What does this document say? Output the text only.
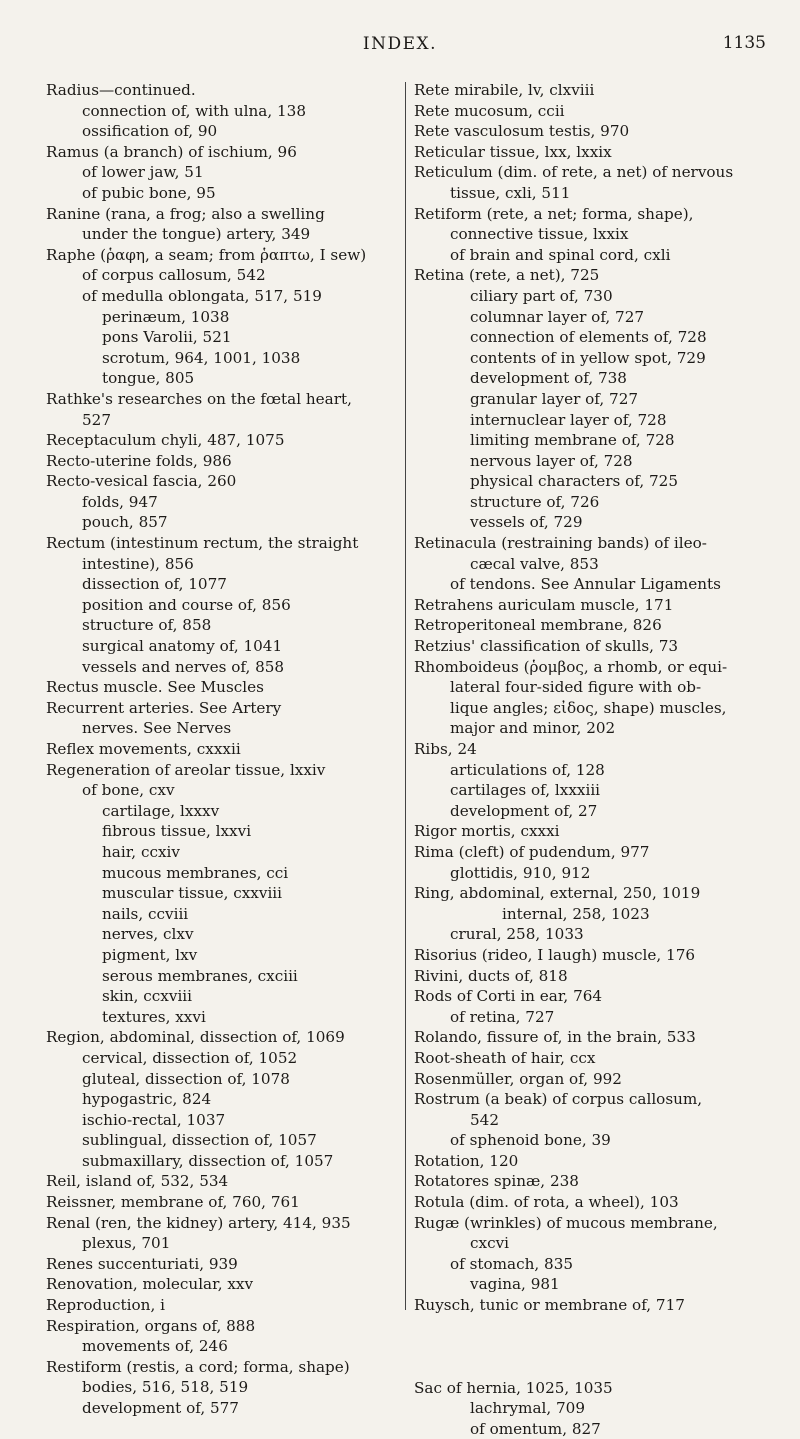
INDEX.	1135
Radius—continued.
connection of, with ulna, 138
ossification of, 90
Ramus (a branch) of ischium, 96
of lower jaw, 51
of pubic bone, 95
Ranine (rana, a frog; also a swelling
under the tongue) artery, 349
Raphe (ῥαφη, a seam; from ῥαπτω, I sew)
of corpus callosum, 542
of medulla oblongata, 517, 519
perinæum, 1038
pons Varolii, 521
scrotum, 964, 1001, 1038
tongue, 805
Rathke's researches on the fœtal heart,
527
Receptaculum chyli, 487, 1075
Recto-uterine folds, 986
Recto-vesical fascia, 260
folds, 947
pouch, 857
Rectum (intestinum rectum, the straight
intestine), 856
dissection of, 1077
position and course of, 856
structure of, 858
surgical anatomy of, 1041
vessels and nerves of, 858
Rectus muscle. See Muscles
Recurrent arteries. See Artery
nerves. See Nerves
Reflex movements, cxxxii
Regeneration of areolar tissue, lxxiv
of bone, cxv
cartilage, lxxxv
fibrous tissue, lxxvi
hair, ccxiv
mucous membranes, cci
muscular tissue, cxxviii
nails, ccviii
nerves, clxv
pigment, lxv
serous membranes, cxciii
skin, ccxviii
textures, xxvi
Region, abdominal, dissection of, 1069
cervical, dissection of, 1052
gluteal, dissection of, 1078
hypogastric, 824
ischio-rectal, 1037
sublingual, dissection of, 1057
submaxillary, dissection of, 1057
Reil, island of, 532, 534
Reissner, membrane of, 760, 761
Renal (ren, the kidney) artery, 414, 935
plexus, 701
Renes succenturiati, 939
Renovation, molecular, xxv
Reproduction, i
Respiration, organs of, 888
movements of, 246
Restiform (restis, a cord; forma, shape)
bodies, 516, 518, 519
development of, 577
Rete mirabile, lv, clxviii
Rete mucosum, ccii
Rete vasculosum testis, 970
Reticular tissue, lxx, lxxix
Reticulum (dim. of rete, a net) of nervous
tissue, cxli, 511
Retiform (rete, a net; forma, shape),
connective tissue, lxxix
of brain and spinal cord, cxli
Retina (rete, a net), 725
ciliary part of, 730
columnar layer of, 727
connection of elements of, 728
contents of in yellow spot, 729
development of, 738
granular layer of, 727
internuclear layer of, 728
limiting membrane of, 728
nervous layer of, 728
physical characters of, 725
structure of, 726
vessels of, 729
Retinacula (restraining bands) of ileo-
cæcal valve, 853
of tendons. See Annular Ligaments
Retrahens auriculam muscle, 171
Retroperitoneal membrane, 826
Retzius' classification of skulls, 73
Rhomboideus (ῥομβος, a rhomb, or equi-
lateral four-sided figure with ob-
lique angles; εἰδος, shape) muscles,
major and minor, 202
Ribs, 24
articulations of, 128
cartilages of, lxxxiii
development of, 27
Rigor mortis, cxxxi
Rima (cleft) of pudendum, 977
glottidis, 910, 912
Ring, abdominal, external, 250, 1019
internal, 258, 1023
crural, 258, 1033
Risorius (rideo, I laugh) muscle, 176
Rivini, ducts of, 818
Rods of Corti in ear, 764
of retina, 727
Rolando, fissure of, in the brain, 533
Root-sheath of hair, ccx
Rosenmüller, organ of, 992
Rostrum (a beak) of corpus callosum,
542
of sphenoid bone, 39
Rotation, 120
Rotatores spinæ, 238
Rotula (dim. of rota, a wheel), 103
Rugæ (wrinkles) of mucous membrane,
cxcvi
of stomach, 835
vagina, 981
Ruysch, tunic or membrane of, 717
Sac of hernia, 1025, 1035
lachrymal, 709
of omentum, 827
